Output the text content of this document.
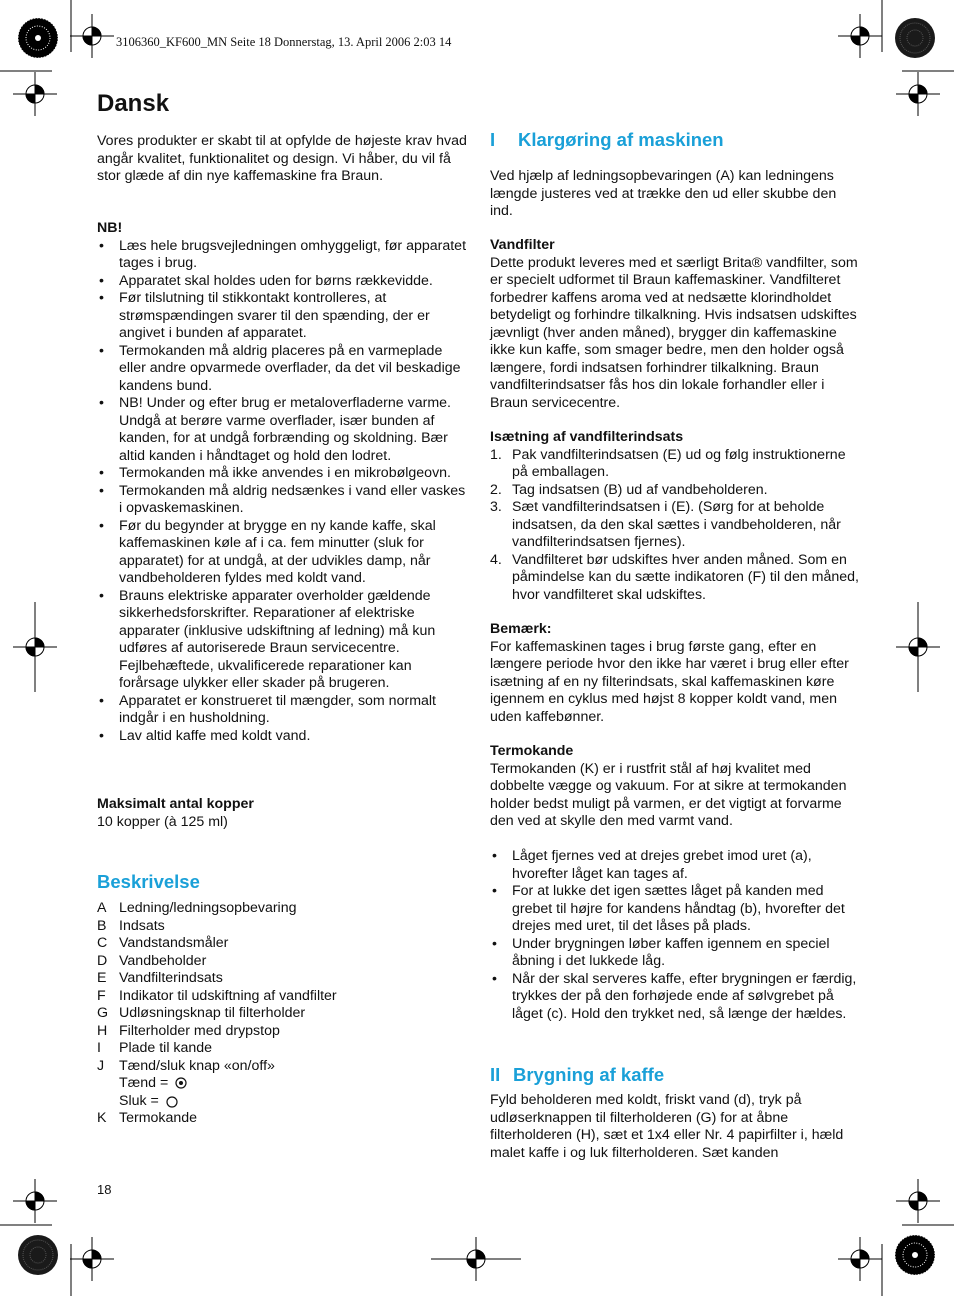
3106360_KF600_MN Seite 18 Donnerstag, 13. April 2006 2:03 14
Dansk

Vores produkter er skabt til at opfylde de højeste krav hvad angår kvalitet, funktionalitet og design. Vi håber, du vil få stor glæde af din nye kaffemaskine fra Braun.

NB!

• Læs hele brugsvejledningen omhyggeligt, før apparatet tages i brug.
• Apparatet skal holdes uden for børns rækkevidde.
• Før tilslutning til stikkontakt kontrolleres, at strømspændingen svarer til den spænding, der er angivet i bunden af apparatet.
• Termokanden må aldrig placeres på en varmeplade eller andre opvarmede overflader, da det vil beskadige kandens bund.
• NB! Under og efter brug er metaloverfladerne varme. Undgå at berøre varme overflader, især bunden af kanden, for at undgå forbrænding og skoldning. Bær altid kanden i håndtaget og hold den lodret.
• Termokanden må ikke anvendes i en mikrobølgeovn.
• Termokanden må aldrig nedsænkes i vand eller vaskes i opvaskemaskinen.
• Før du begynder at brygge en ny kande kaffe, skal kaffemaskinen køle af i ca. fem minutter (sluk for apparatet) for at undgå, at der udvikles damp, når vandbeholderen fyldes med koldt vand.
• Brauns elektriske apparater overholder gældende sikkerhedsforskrifter. Reparationer af elektriske apparater (inklusive udskiftning af ledning) må kun udføres af autoriserede Braun servicecentre. Fejlbehæftede, ukvalificerede reparationer kan forårsage ulykker eller skader på brugeren.
• Apparatet er konstrueret til mængder, som normalt indgår i en husholdning.
• Lav altid kaffe med koldt vand.

Maksimalt antal kopper

10 kopper (à 125 ml)

Beskrivelse
A Ledning/ledningsopbevaring
B Indsats
C Vandstandsmåler
D Vandbeholder
E Vandfilterindsats
F Indikator til udskiftning af vandfilter
G Udløsningsknap til filterholder
H Filterholder med drypstop
I Plade til kande
J Tænd/sluk knap «on/off»
Tænd =
Sluk =
K Termokande
18
I Klargøring af maskinen

Ved hjælp af ledningsopbevaringen (A) kan ledningens længde justeres ved at trække den ud eller skubbe den ind.

Vandfilter

Dette produkt leveres med et særligt Brita® vandfilter, som er specielt udformet til Braun kaffemaskiner. Vandfilteret forbedrer kaffens aroma ved at nedsætte klorindholdet betydeligt og forhindre tilkalkning. Hvis indsatsen udskiftes jævnligt (hver anden måned), brygger din kaffemaskine ikke kun kaffe, som smager bedre, men den holder også længere, fordi indsatsen forhindrer tilkalkning. Braun vandfilterindsatser fås hos din lokale forhandler eller i Braun servicecentre.

Isætning af vandfilterindsats

1. Pak vandfilterindsatsen (E) ud og følg instruktionerne på emballagen.
2. Tag indsatsen (B) ud af vandbeholderen.
3. Sæt vandfilterindsatsen i (E). (Sørg for at beholde indsatsen, da den skal sættes i vandbeholderen, når vandfilterindsatsen fjernes).
4. Vandfilteret bør udskiftes hver anden måned. Som en påmindelse kan du sætte indikatoren (F) til den måned, hvor vandfilteret skal udskiftes.

Bemærk:

For kaffemaskinen tages i brug første gang, efter en længere periode hvor den ikke har været i brug eller efter isætning af en ny filterindsats, skal kaffemaskinen køre igennem en cyklus med højst 8 kopper koldt vand, men uden kaffebønner.

Termokande

Termokanden (K) er i rustfrit stål af høj kvalitet med dobbelte vægge og vakuum. For at sikre at termokanden holder bedst muligt på varmen, er det vigtigt at forvarme den ved at skylle den med varmt vand.

• Låget fjernes ved at drejes grebet imod uret (a), hvorefter låget kan tages af.
• For at lukke det igen sættes låget på kanden med grebet til højre for kandens håndtag (b), hvorefter det drejes med uret, til det låses på plads.
• Under brygningen løber kaffen igennem en speciel åbning i det lukkede låg.
• Når der skal serveres kaffe, efter brygningen er færdig, trykkes der på den forhøjede ende af sølvgrebet på låget (c). Hold den trykket ned, så længe der hældes.
II Brygning af kaffe

Fyld beholderen med koldt, friskt vand (d), tryk på udløserknappen til filterholderen (G) for at åbne filterholderen (H), sæt et 1x4 eller Nr. 4 papirfilter i, hæld malet kaffe i og luk filterholderen. Sæt kanden
